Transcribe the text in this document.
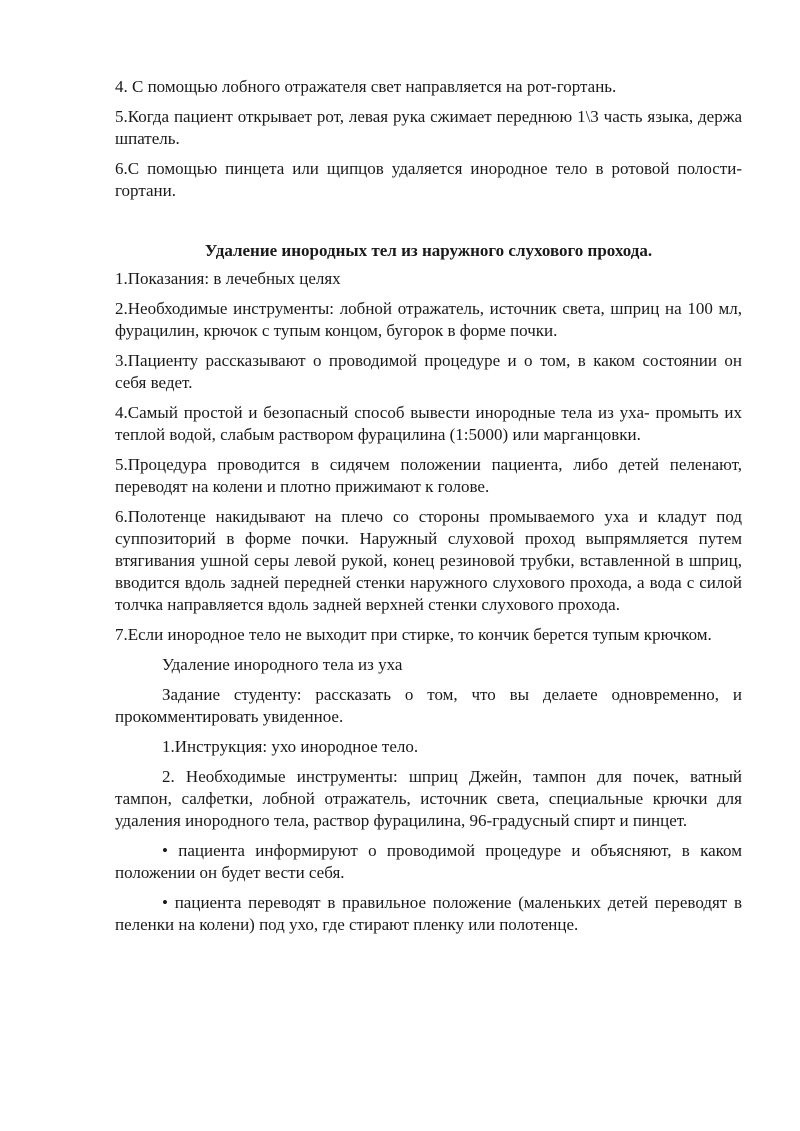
4. С помощью лобного отражателя свет направляется на рот-гортань.

5.Когда пациент открывает рот, левая рука сжимает переднюю 1\3 часть языка, держа шпатель.

6.С помощью пинцета или щипцов удаляется инородное тело в ротовой полости-гортани.

Удаление инородных тел из наружного слухового прохода.

1.Показания: в лечебных целях

2.Необходимые инструменты: лобной отражатель, источник света, шприц на 100 мл, фурацилин, крючок с тупым концом, бугорок в форме почки.

3.Пациенту рассказывают о проводимой процедуре и о том, в каком состоянии он себя ведет.

4.Самый простой и безопасный способ вывести инородные тела из уха- промыть их теплой водой, слабым раствором фурацилина (1:5000) или марганцовки.

5.Процедура проводится в сидячем положении пациента, либо детей пеленают, переводят на колени и плотно прижимают к голове.

6.Полотенце накидывают на плечо со стороны промываемого уха и кладут под суппозиторий в форме почки. Наружный слуховой проход выпрямляется путем втягивания ушной серы левой рукой, конец резиновой трубки, вставленной в шприц, вводится вдоль задней передней стенки наружного слухового прохода, а вода с силой толчка направляется вдоль задней верхней стенки слухового прохода.

7.Если инородное тело не выходит при стирке, то кончик берется тупым крючком.

Удаление инородного тела из уха

Задание студенту: рассказать о том, что вы делаете одновременно, и прокомментировать увиденное.

1.Инструкция: ухо инородное тело.

2. Необходимые инструменты: шприц Джейн, тампон для почек, ватный тампон, салфетки, лобной отражатель, источник света, специальные крючки для удаления инородного тела, раствор фурацилина, 96-градусный спирт и пинцет.

• пациента информируют о проводимой процедуре и объясняют, в каком положении он будет вести себя.

• пациента переводят в правильное положение (маленьких детей переводят в пеленки на колени) под ухо, где стирают пленку или полотенце.
